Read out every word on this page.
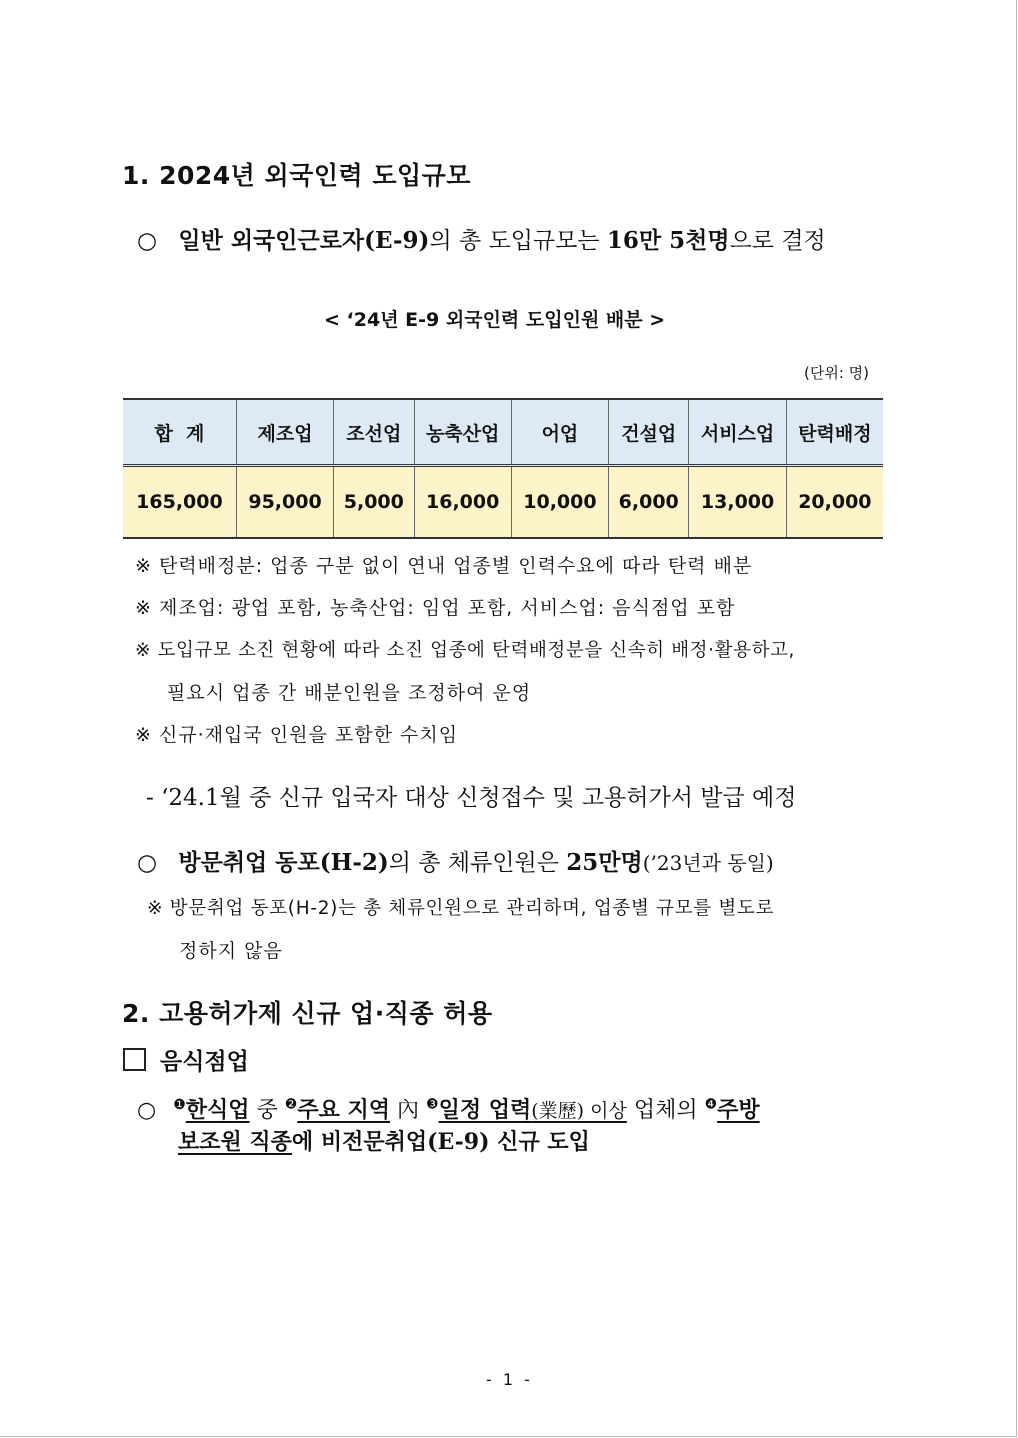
1. 2024년 외국인력 도입규모
○ 일반 외국인근로자(E-9)의 총 도입규모는 16만 5천명으로 결정
< ‘24년 E-9 외국인력 도입인원 배분 >
(단위: 명)
합  계	제조업	조선업	농축산업	어업	건설업	서비스업	탄력배정
165,000	95,000	5,000	16,000	10,000	6,000	13,000	20,000
※ 탄력배정분: 업종 구분 없이 연내 업종별 인력수요에 따라 탄력 배분
※ 제조업: 광업 포함, 농축산업: 임업 포함, 서비스업: 음식점업 포함
※ 도입규모 소진 현황에 따라 소진 업종에 탄력배정분을 신속히 배정·활용하고,
필요시 업종 간 배분인원을 조정하여 운영
※ 신규·재입국 인원을 포함한 수치임
- ‘24.1월 중 신규 입국자 대상 신청접수 및 고용허가서 발급 예정
○ 방문취업 동포(H-2)의 총 체류인원은 25만명(’23년과 동일)
※ 방문취업 동포(H-2)는 총 체류인원으로 관리하며, 업종별 규모를 별도로
정하지 않음
2. 고용허가제 신규 업·직종 허용
음식점업
○ $^❶$한식업 중 $^❷$주요 지역 內 $^❸$일정 업력(業歷) 이상 업체의 $^❹$주방
보조원 직종에 비전문취업(E-9) 신규 도입
- 1 -
